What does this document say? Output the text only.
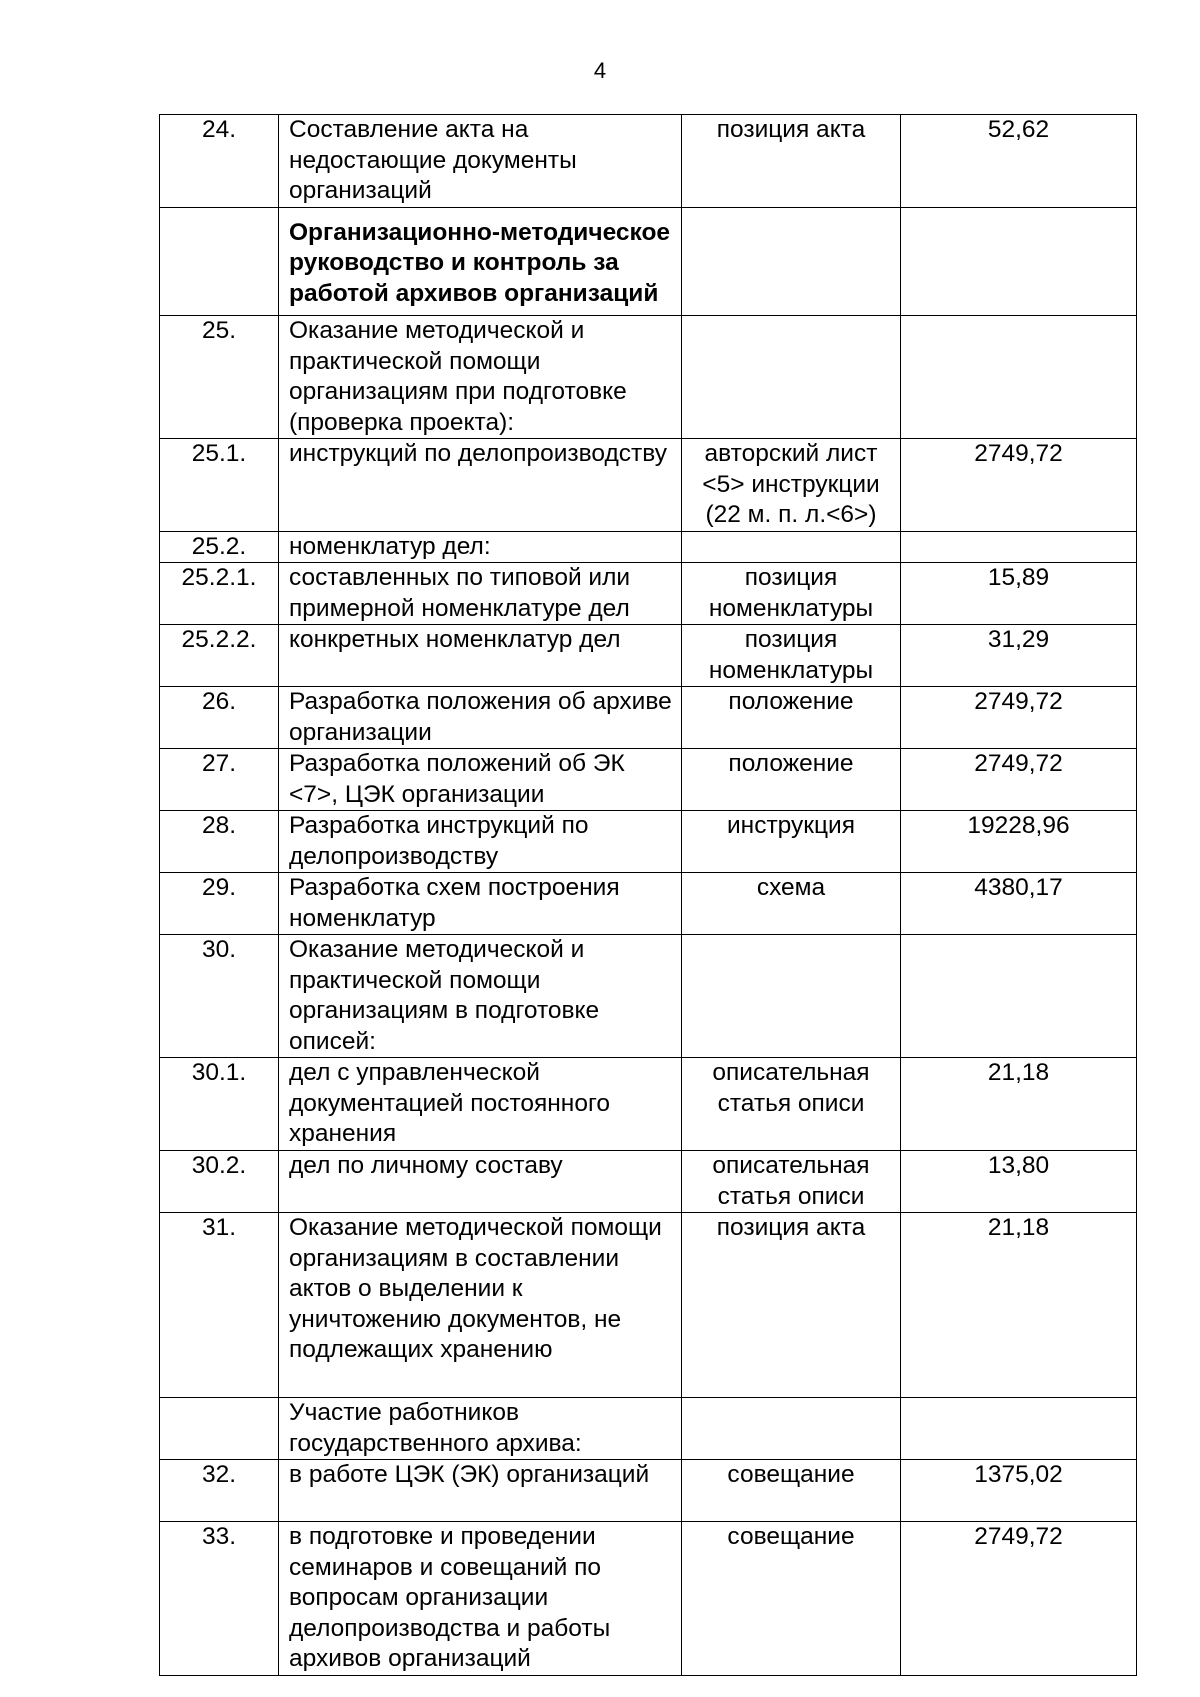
4
24.	Составление акта на недостающие документы организаций	позиция акта	52,62
	Организационно-методическое руководство и контроль за работой архивов организаций		
25.	Оказание методической и практической помощи организациям при подготовке (проверка проекта):		
25.1.	инструкций по делопроизводству	авторский лист <5> инструкции (22 м. п. л.<6>)	2749,72
25.2.	номенклатур дел:		
25.2.1.	составленных по типовой или примерной номенклатуре дел	позиция номенклатуры	15,89
25.2.2.	конкретных номенклатур дел	позиция номенклатуры	31,29
26.	Разработка положения об архиве организации	положение	2749,72
27.	Разработка положений об ЭК <7>, ЦЭК организации	положение	2749,72
28.	Разработка инструкций по делопроизводству	инструкция	19228,96
29.	Разработка схем построения номенклатур	схема	4380,17
30.	Оказание методической и практической помощи организациям в подготовке описей:		
30.1.	дел с управленческой документацией постоянного хранения	описательная статья описи	21,18
30.2.	дел по личному составу	описательная статья описи	13,80
31.	Оказание методической помощи организациям в составлении актов о выделении к уничтожению документов, не подлежащих хранению	позиция акта	21,18
	Участие работников государственного архива:		
32.	в работе ЦЭК (ЭК) организаций	совещание	1375,02
33.	в подготовке и проведении семинаров и совещаний по вопросам организации делопроизводства и работы архивов организаций	совещание	2749,72
